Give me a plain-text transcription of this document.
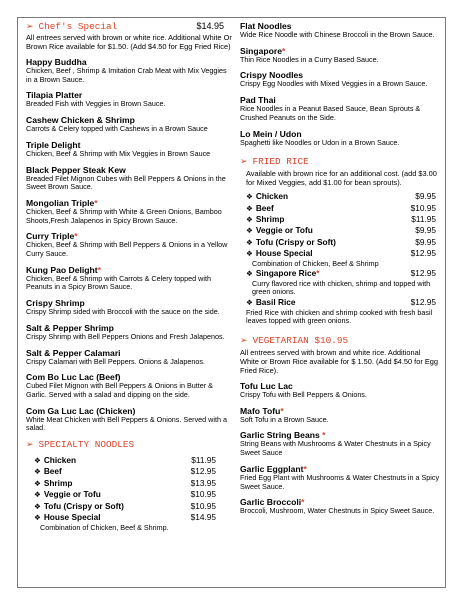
➢ Chef's Special	$14.95
All entrees served with brown or white rice. Additional White Or Brown Rice available for $1.50. (Add $4.50 for Egg Fried Rice)
Happy Buddha
Chicken, Beef , Shrimp & Imitation Crab Meat with Mix Veggies in a Brown Sauce.
Tilapia Platter
Breaded Fish with Veggies in Brown Sauce.
Cashew Chicken & Shrimp
Carrots & Celery topped with Cashews in a Brown Sauce
Triple Delight
Chicken, Beef & Shrimp with Mix Veggies in Brown Sauce
Black Pepper Steak Kew
Breaded Filet Mignon Cubes with Bell Peppers & Onions in the Sweet Brown Sauce.
Mongolian Triple*
Chicken, Beef & Shrimp with White & Green Onions, Bamboo Shoots,Fresh Jalapenos in Spicy Brown Sauce.
Curry Triple*
Chicken, Beef & Shrimp with Bell Peppers & Onions in a Yellow Curry Sauce.
Kung Pao Delight*
Chicken, Beef & Shrimp with Carrots & Celery topped with Peanuts in a Spicy Brown Sauce.
Crispy Shrimp
Crispy Shrimp sided with Broccoli with the sauce on the side.
Salt & Pepper Shrimp
Crispy Shrimp with Bell Peppers Onions and Fresh Jalapenos.
Salt & Pepper Calamari
Crispy Calamari with Bell Peppers. Onions & Jalapenos.
Com Bo Luc Lac (Beef)
Cubed Filet Mignon with Bell Peppers & Onions in Butter & Garlic. Served with a salad and dipping on the side.
Com Ga Luc Lac (Chicken)
White Meat Chicken with Bell Peppers & Onions. Served with a salad.
➢ SPECIALTY NOODLES
❖ Chicken	$11.95
❖ Beef	$12.95
❖ Shrimp	$13.95
❖ Veggie or Tofu	$10.95
❖ Tofu (Crispy or Soft)	$10.95
❖ House Special	$14.95
Combination of Chicken, Beef & Shrimp.
Flat Noodles
Wide Rice Noodle with Chinese Broccoli in the Brown Sauce.
Singapore*
Thin Rice Noodles in a Curry Based Sauce.
Crispy Noodles
Crispy Egg Noodles with Mixed Veggies in a Brown Sauce.
Pad Thai
Rice Noodles in a Peanut Based Sauce, Bean Sprouts & Crushed Peanuts on the Side.
Lo Mein / Udon
Spaghetti like Noodles or Udon in a Brown Sauce.
➢ FRIED RICE
Available with brown rice for an additional cost. (add $3.00 for Mixed Veggies, add $1.00 for bean sprouts).
❖ Chicken	$9.95
❖ Beef	$10.95
❖ Shrimp	$11.95
❖ Veggie or Tofu	$9.95
❖ Tofu (Crispy or Soft)	$9.95
❖ House Special	$12.95
Combination of Chicken, Beef & Shrimp
❖ Singapore Rice*	$12.95
Curry flavored rice with chicken, shrimp and topped with green onions.
❖ Basil Rice	$12.95
Fried Rice with chicken and shrimp cooked with fresh basil leaves topped with green onions.
➢ VEGETARIAN $10.95
All entrees served with brown and white rice. Additional White or Brown Rice available for $ 1.50. (Add $4.50 for Egg Fried Rice).
Tofu Luc Lac
Crispy Tofu with Bell Peppers & Onions.
Mafo Tofu*
Soft Tofu in a Brown Sauce.
Garlic String Beans *
String Beans with Mushrooms & Water Chestnuts in a Spicy Sweet Sauce
Garlic Eggplant*
Fried Egg Plant with Mushrooms & Water Chestnuts in a Spicy Sweet Sauce.
Garlic Broccoli*
Broccoli, Mushroom, Water Chestnuts in Spicy Sweet Sauce.
